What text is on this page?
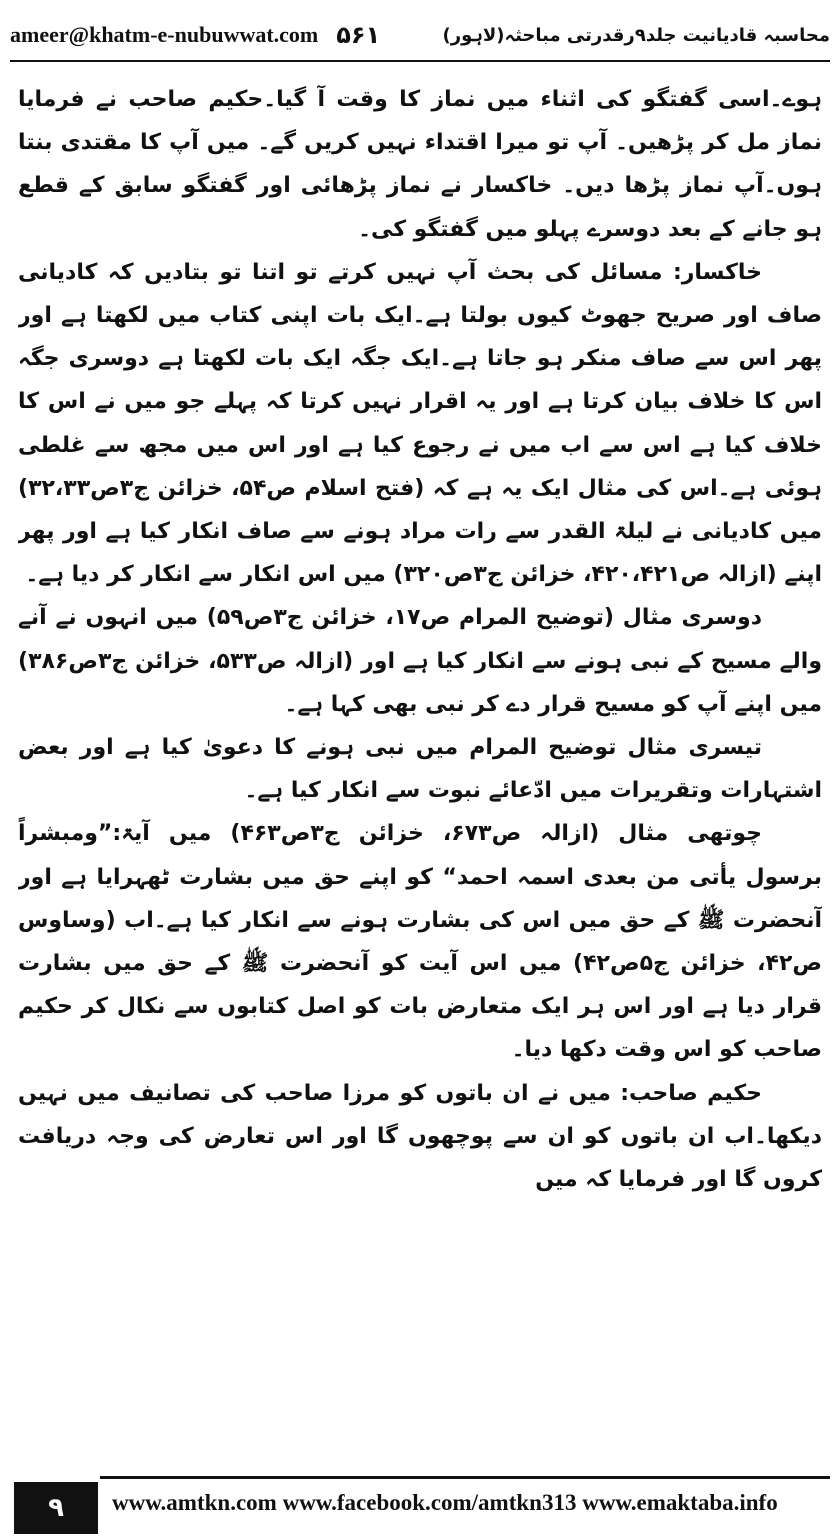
ameer@khatm-e-nubuwwat.com ۵۶۱	محاسبہ قادیانیت جلد۹رقدرتی مباحثہ(لاہور)

ہوے۔اسی گفتگو کی اثناء میں نماز کا وقت آ گیا۔حکیم صاحب نے فرمایا نماز مل کر پڑھیں۔ آپ تو میرا اقتداء نہیں کریں گے۔ میں آپ کا مقتدی بنتا ہوں۔آپ نماز پڑھا دیں۔ خاکسار نے نماز پڑھائی اور گفتگو سابق کے قطع ہو جانے کے بعد دوسرے پہلو میں گفتگو کی۔

خاکسار: مسائل کی بحث آپ نہیں کرتے تو اتنا تو بتادیں کہ کادیانی صاف اور صریح جھوٹ کیوں بولتا ہے۔ایک بات اپنی کتاب میں لکھتا ہے اور پھر اس سے صاف منکر ہو جاتا ہے۔ایک جگہ ایک بات لکھتا ہے دوسری جگہ اس کا خلاف بیان کرتا ہے اور یہ اقرار نہیں کرتا کہ پہلے جو میں نے اس کا خلاف کیا ہے اس سے اب میں نے رجوع کیا ہے اور اس میں مجھ سے غلطی ہوئی ہے۔اس کی مثال ایک یہ ہے کہ (فتح اسلام ص۵۴، خزائن ج۳ص۳۲،۳۳) میں کادیانی نے لیلۃ القدر سے رات مراد ہونے سے صاف انکار کیا ہے اور پھر اپنے (ازالہ ص۴۲۰،۴۲۱، خزائن ج۳ص۳۲۰) میں اس انکار سے انکار کر دیا ہے۔

دوسری مثال (توضیح المرام ص۱۷، خزائن ج۳ص۵۹) میں انہوں نے آنے والے مسیح کے نبی ہونے سے انکار کیا ہے اور (ازالہ ص۵۳۳، خزائن ج۳ص۳۸۶) میں اپنے آپ کو مسیح قرار دے کر نبی بھی کہا ہے۔

تیسری مثال توضیح المرام میں نبی ہونے کا دعویٰ کیا ہے اور بعض اشتہارات وتقریرات میں ادّعائے نبوت سے انکار کیا ہے۔

چوتھی مثال (ازالہ ص۶۷۳، خزائن ج۳ص۴۶۳) میں آیۃ:”ومبشراً برسول یأتی من بعدی اسمہ احمد“ کو اپنے حق میں بشارت ٹھہرایا ہے اور آنحضرت ﷺ کے حق میں اس کی بشارت ہونے سے انکار کیا ہے۔اب (وساوس ص۴۲، خزائن ج۵ص۴۲) میں اس آیت کو آنحضرت ﷺ کے حق میں بشارت قرار دیا ہے اور اس ہر ایک متعارض بات کو اصل کتابوں سے نکال کر حکیم صاحب کو اس وقت دکھا دیا۔

حکیم صاحب: میں نے ان باتوں کو مرزا صاحب کی تصانیف میں نہیں دیکھا۔اب ان باتوں کو ان سے پوچھوں گا اور اس تعارض کی وجہ دریافت کروں گا اور فرمایا کہ میں

۹	www.amtkn.com www.facebook.com/amtkn313 www.emaktaba.info
